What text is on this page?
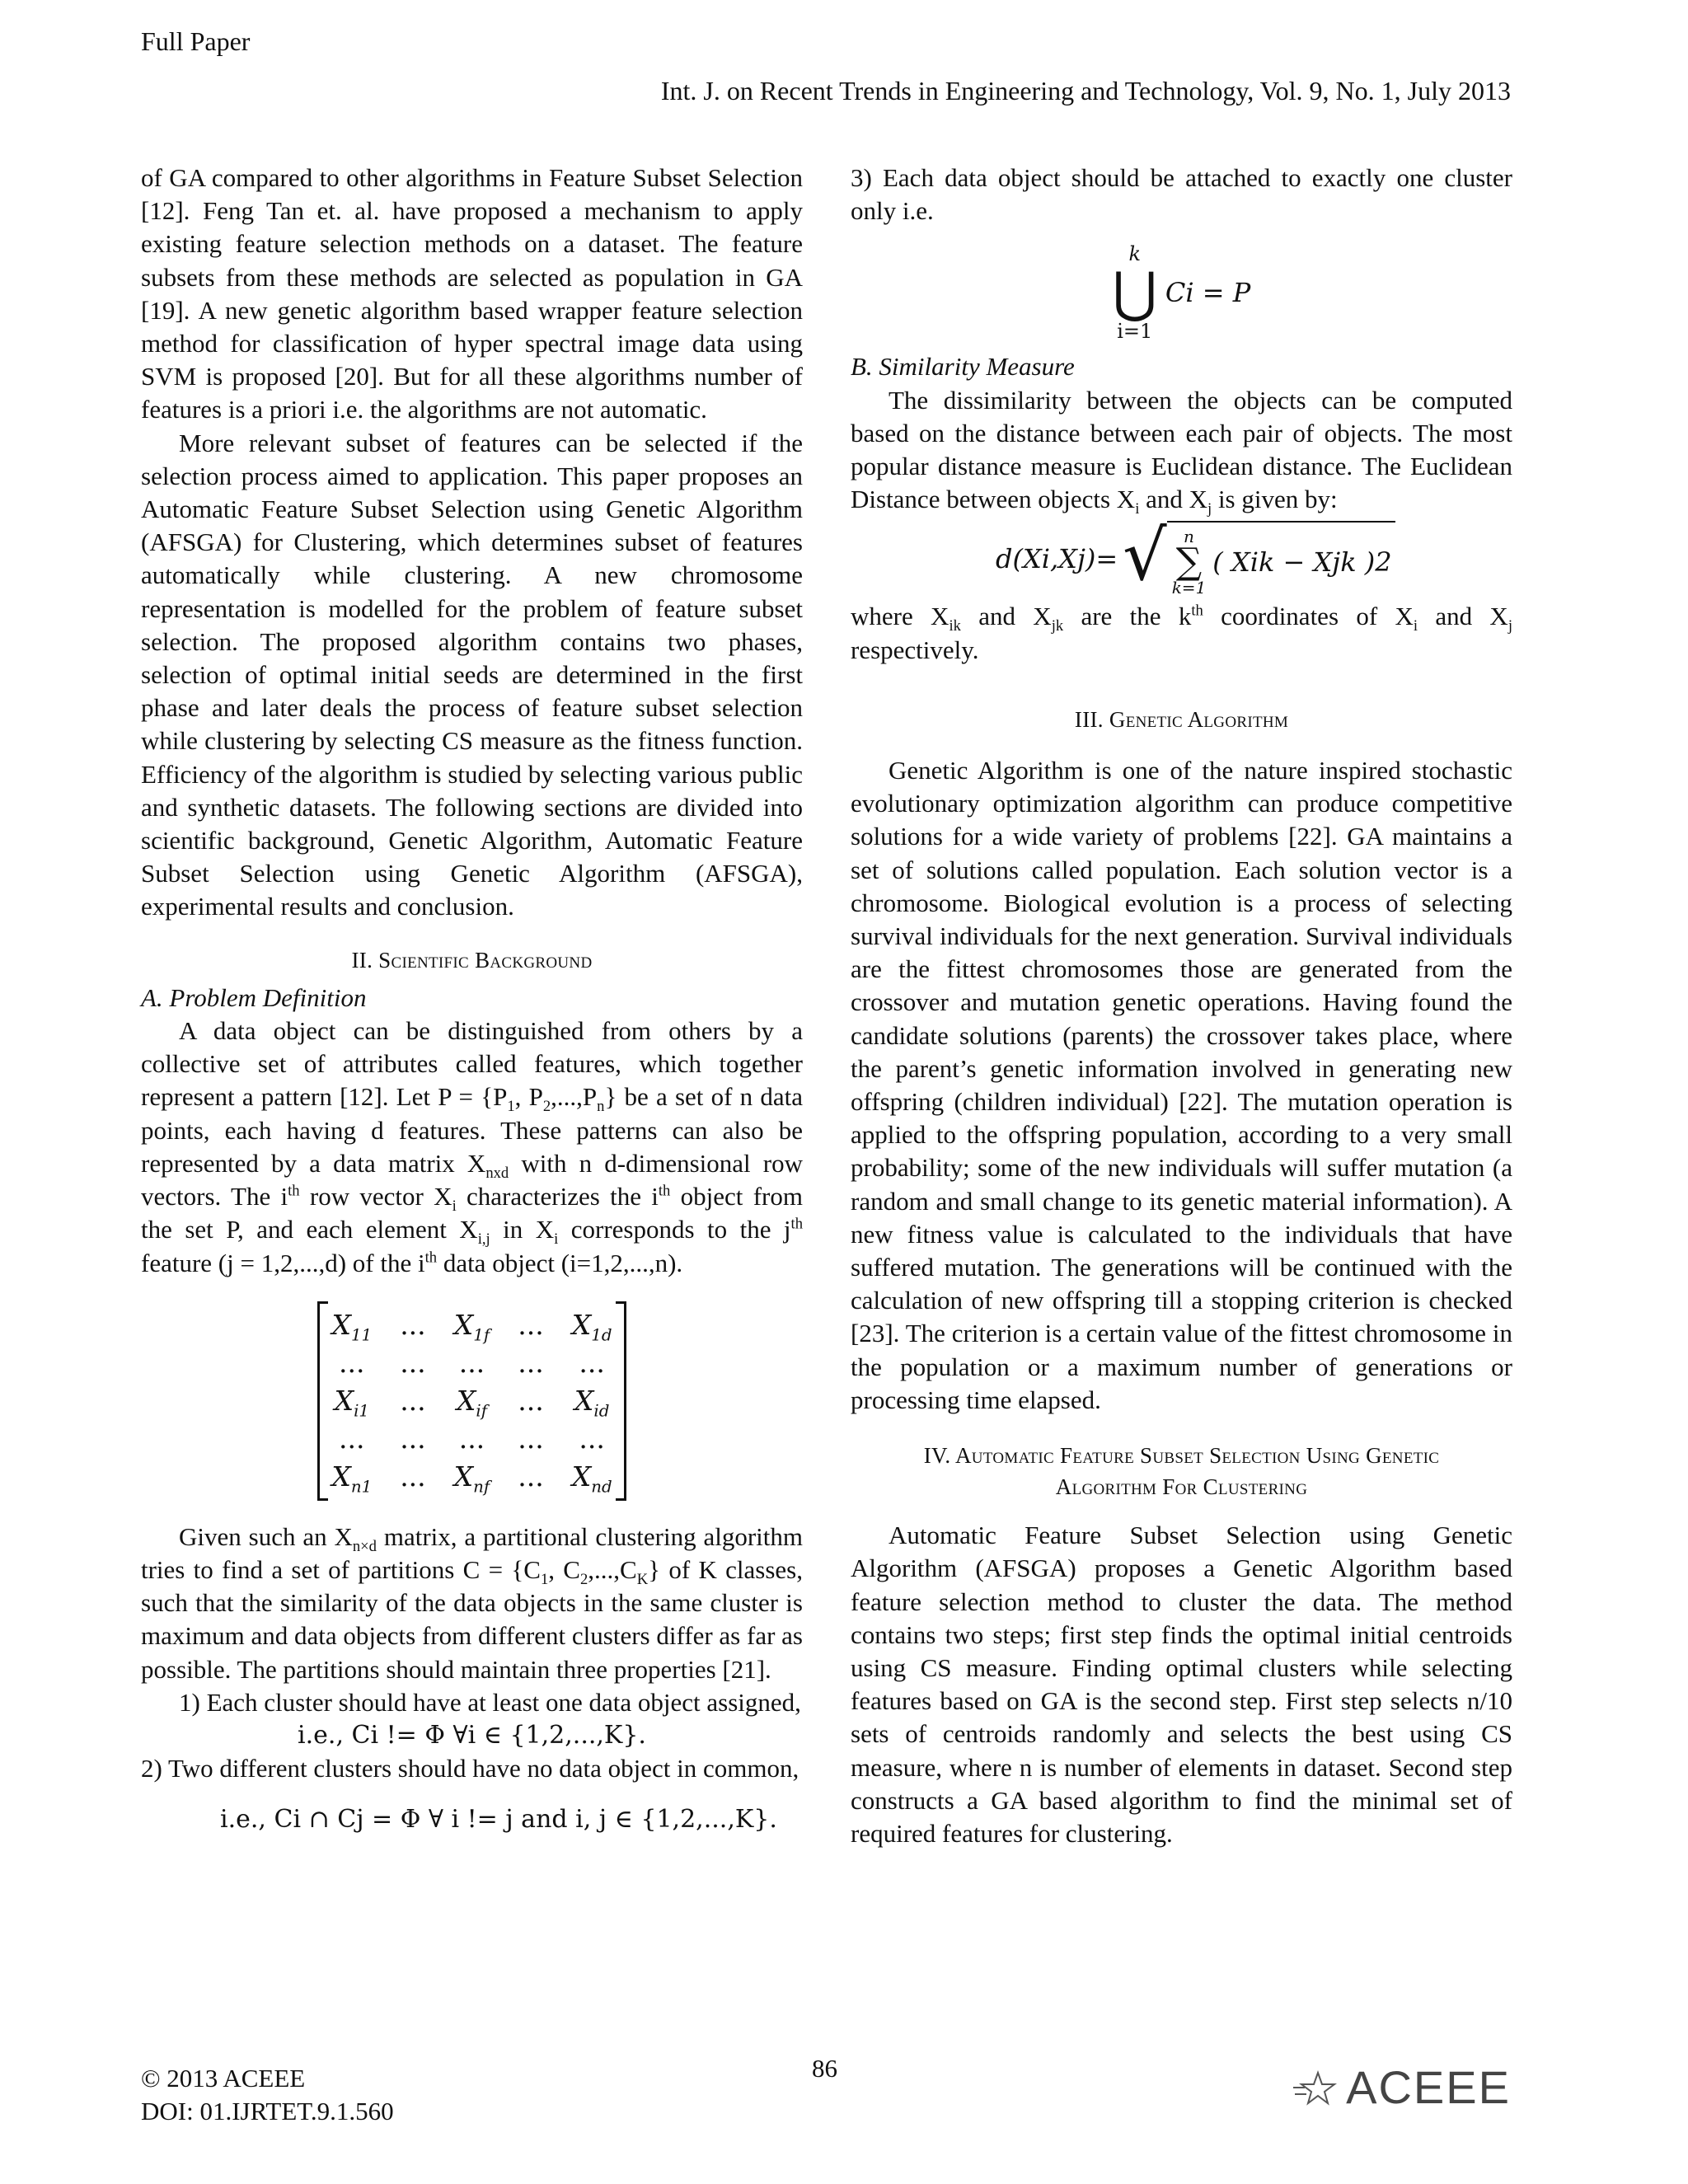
Full Paper
Int. J. on Recent Trends in Engineering and Technology, Vol. 9, No. 1, July 2013

of GA compared to other algorithms in Feature Subset Selection [12]. Feng Tan et. al. have proposed a mechanism to apply existing feature selection methods on a dataset. The feature subsets from these methods are selected as population in GA [19]. A new genetic algorithm based wrapper feature selection method for classification of hyper spectral image data using SVM is proposed [20]. But for all these algorithms number of features is a priori i.e. the algorithms are not automatic.

More relevant subset of features can be selected if the selection process aimed to application. This paper proposes an Automatic Feature Subset Selection using Genetic Algorithm (AFSGA) for Clustering, which determines subset of features automatically while clustering. A new chromosome representation is modelled for the problem of feature subset selection. The proposed algorithm contains two phases, selection of optimal initial seeds are determined in the first phase and later deals the process of feature subset selection while clustering by selecting CS measure as the fitness function. Efficiency of the algorithm is studied by selecting various public and synthetic datasets. The following sections are divided into scientific background, Genetic Algorithm, Automatic Feature Subset Selection using Genetic Algorithm (AFSGA), experimental results and conclusion.

II. Scientific Background

A. Problem Definition

A data object can be distinguished from others by a collective set of attributes called features, which together represent a pattern [12]. Let $P = \{P_1$, $P_2,...,P_n$} be a set of n data points, each having d features. These patterns can also be represented by a data matrix $X_{nxd}$ with n d-dimensional row vectors. The $i^{th}$ row vector $X_i$ characterizes the $i^{th}$ object from the set P, and each element $X_{i,j}$ in $X_i$ corresponds to the $j^{th}$ feature (j = 1,2,...,d) of the $i^{th}$ data object (i=1,2,...,n).

$X_{11}$ ... $X_{1f}$ ... $X_{1d}$
... ... ... ... ...
$X_{i1}$ ... $X_{if}$ ... $X_{id}$
... ... ... ... ...
$X_{n1}$ ... $X_{nf}$ ... $X_{nd}$

Given such an $X_{n\times d}$ matrix, a partitional clustering algorithm tries to find a set of partitions $C = \{C_1$, $C_2,...,C_K$} of K classes, such that the similarity of the data objects in the same cluster is maximum and data objects from different clusters differ as far as possible. The partitions should maintain three properties [21].

1) Each cluster should have at least one data object assigned,

i.e., Ci != Φ ∀i ∈ {1,2,...,K}.

2) Two different clusters should have no data object in common,

i.e., Ci ∩ Cj = Φ ∀ i != j and i, j ∈ {1,2,...,K}.

3) Each data object should be attached to exactly one cluster only i.e.

k
⋃
i=1
Ci = P

B. Similarity Measure

The dissimilarity between the objects can be computed based on the distance between each pair of objects. The most popular distance measure is Euclidean distance. The Euclidean Distance between objects $X_i$ and $X_j$ is given by:

d(Xi,Xj)= √ n
∑
k=1
( Xik − Xjk )2

where $X_{ik}$ and $X_{jk}$ are the $k^{th}$ coordinates of $X_i$ and $X_j$ respectively.

III. Genetic Algorithm

Genetic Algorithm is one of the nature inspired stochastic evolutionary optimization algorithm can produce competitive solutions for a wide variety of problems [22]. GA maintains a set of solutions called population. Each solution vector is a chromosome. Biological evolution is a process of selecting survival individuals for the next generation. Survival individuals are the fittest chromosomes those are generated from the crossover and mutation genetic operations. Having found the candidate solutions (parents) the crossover takes place, where the parent’s genetic information involved in generating new offspring (children individual) [22]. The mutation operation is applied to the offspring population, according to a very small probability; some of the new individuals will suffer mutation (a random and small change to its genetic material information). A new fitness value is calculated to the individuals that have suffered mutation. The generations will be continued with the calculation of new offspring till a stopping criterion is checked [23]. The criterion is a certain value of the fittest chromosome in the population or a maximum number of generations or processing time elapsed.

IV. Automatic Feature Subset Selection Using Genetic
Algorithm For Clustering

Automatic Feature Subset Selection using Genetic Algorithm (AFSGA) proposes a Genetic Algorithm based feature selection method to cluster the data. The method contains two steps; first step finds the optimal initial centroids using CS measure. Finding optimal clusters while selecting features based on GA is the second step. First step selects n/10 sets of centroids randomly and selects the best using CS measure, where n is number of elements in dataset. Second step constructs a GA based algorithm to find the minimal set of required features for clustering.

© 2013 ACEEE
DOI: 01.IJRTET.9.1.560
86	ACEEE
